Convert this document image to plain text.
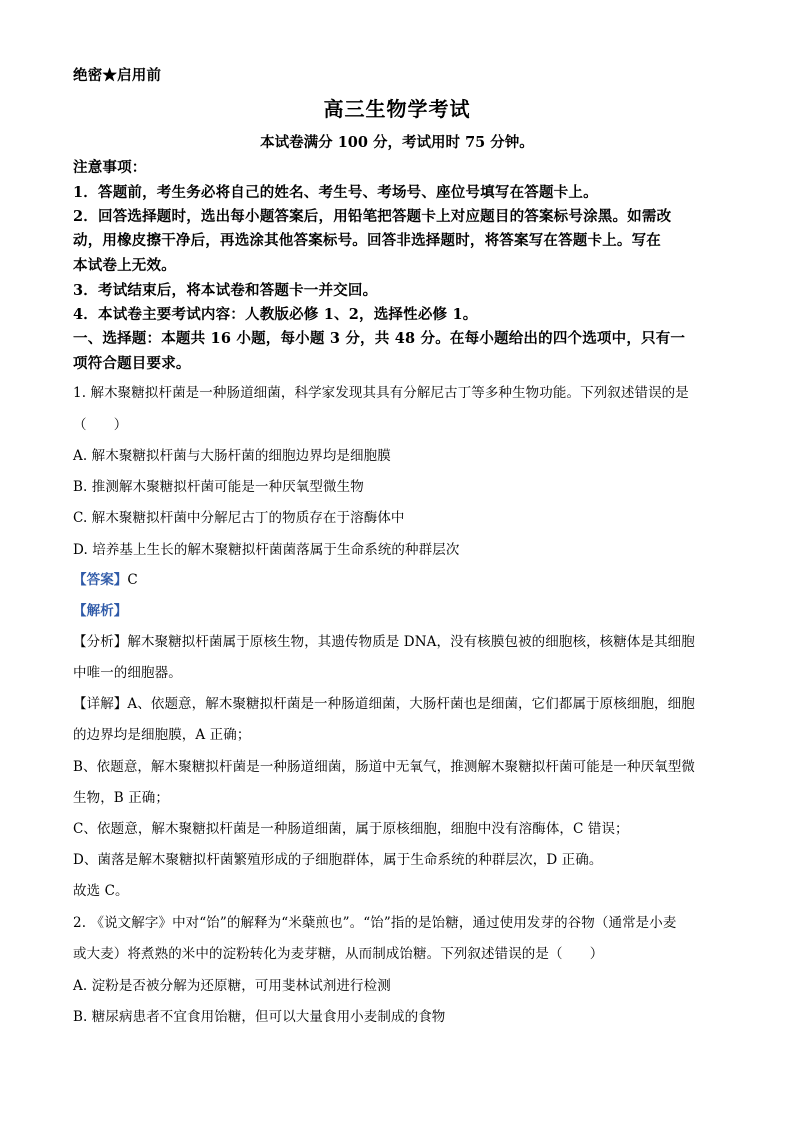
绝密★启用前
高三生物学考试
本试卷满分 100 分，考试用时 75 分钟。
注意事项：
1．答题前，考生务必将自己的姓名、考生号、考场号、座位号填写在答题卡上。
2．回答选择题时，选出每小题答案后，用铅笔把答题卡上对应题目的答案标号涂黑。如需改
动，用橡皮擦干净后，再选涂其他答案标号。回答非选择题时，将答案写在答题卡上。写在
本试卷上无效。
3．考试结束后，将本试卷和答题卡一并交回。
4．本试卷主要考试内容：人教版必修 1、2，选择性必修 1。
一、选择题：本题共 16 小题，每小题 3 分，共 48 分。在每小题给出的四个选项中，只有一
项符合题目要求。
1. 解木聚糖拟杆菌是一种肠道细菌，科学家发现其具有分解尼古丁等多种生物功能。下列叙述错误的是
（　　）
A. 解木聚糖拟杆菌与大肠杆菌的细胞边界均是细胞膜
B. 推测解木聚糖拟杆菌可能是一种厌氧型微生物
C. 解木聚糖拟杆菌中分解尼古丁的物质存在于溶酶体中
D. 培养基上生长的解木聚糖拟杆菌菌落属于生命系统的种群层次
【答案】C
【解析】
【分析】解木聚糖拟杆菌属于原核生物，其遗传物质是 DNA，没有核膜包被的细胞核，核糖体是其细胞
中唯一的细胞器。
【详解】A、依题意，解木聚糖拟杆菌是一种肠道细菌，大肠杆菌也是细菌，它们都属于原核细胞，细胞
的边界均是细胞膜，A 正确；
B、依题意，解木聚糖拟杆菌是一种肠道细菌，肠道中无氧气，推测解木聚糖拟杆菌可能是一种厌氧型微
生物，B 正确；
C、依题意，解木聚糖拟杆菌是一种肠道细菌，属于原核细胞，细胞中没有溶酶体，C 错误；
D、菌落是解木聚糖拟杆菌繁殖形成的子细胞群体，属于生命系统的种群层次，D 正确。
故选 C。
2. 《说文解字》中对“饴”的解释为“米蘖煎也”。“饴”指的是饴糖，通过使用发芽的谷物（通常是小麦
或大麦）将煮熟的米中的淀粉转化为麦芽糖，从而制成饴糖。下列叙述错误的是（　　）
A. 淀粉是否被分解为还原糖，可用斐林试剂进行检测
B. 糖尿病患者不宜食用饴糖，但可以大量食用小麦制成的食物
